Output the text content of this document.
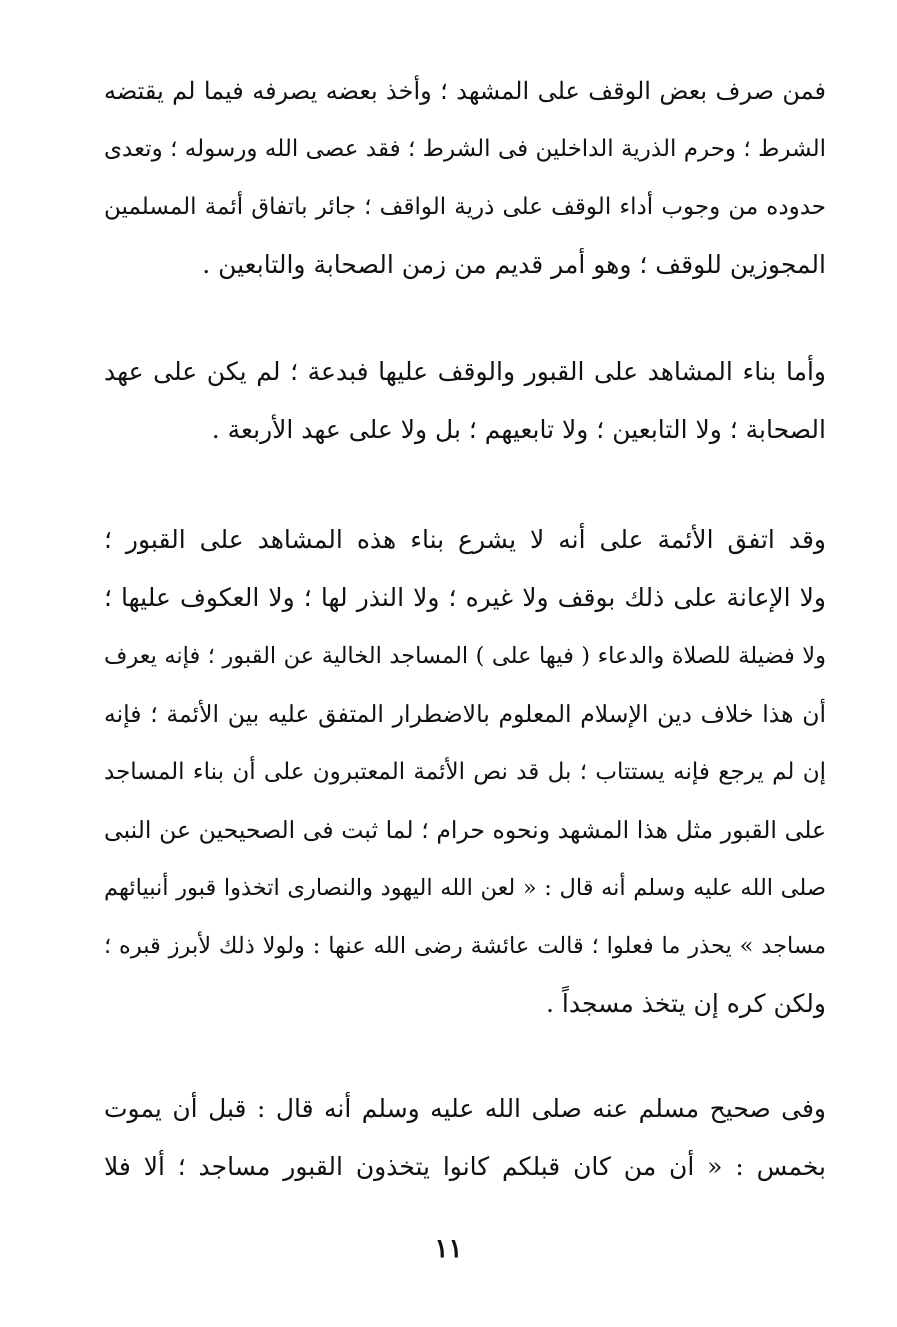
فمن صرف بعض الوقف على المشهد ؛ وأخذ بعضه يصرفه فيما لم يقتضه
الشرط ؛ وحرم الذرية الداخلين فى الشرط ؛ فقد عصى الله ورسوله ؛ وتعدى
حدوده من وجوب أداء الوقف على ذرية الواقف ؛ جائر باتفاق أئمة المسلمين
المجوزين للوقف ؛ وهو أمر قديم من زمن الصحابة والتابعين .

وأما بناء المشاهد على القبور والوقف عليها فبدعة ؛ لم يكن على عهد
الصحابة ؛ ولا التابعين ؛ ولا تابعيهم ؛ بل ولا على عهد الأربعة .

وقد اتفق الأئمة على أنه لا يشرع بناء هذه المشاهد على القبور ؛
ولا الإعانة على ذلك بوقف ولا غيره ؛ ولا النذر لها ؛ ولا العكوف عليها ؛
ولا فضيلة للصلاة والدعاء ( فيها على ) المساجد الخالية عن القبور ؛ فإنه يعرف
أن هذا خلاف دين الإسلام المعلوم بالاضطرار المتفق عليه بين الأئمة ؛ فإنه
إن لم يرجع فإنه يستتاب ؛ بل قد نص الأئمة المعتبرون على أن بناء المساجد
على القبور مثل هذا المشهد ونحوه حرام ؛ لما ثبت فى الصحيحين عن النبى
صلى الله عليه وسلم أنه قال : « لعن الله اليهود والنصارى اتخذوا قبور أنبيائهم
مساجد » يحذر ما فعلوا ؛ قالت عائشة رضى الله عنها : ولولا ذلك لأبرز قبره ؛
ولكن كره إن يتخذ مسجداً .

وفى صحيح مسلم عنه صلى الله عليه وسلم أنه قال : قبل أن يموت
بخمس : « أن من كان قبلكم كانوا يتخذون القبور مساجد ؛ ألا فلا

١١
